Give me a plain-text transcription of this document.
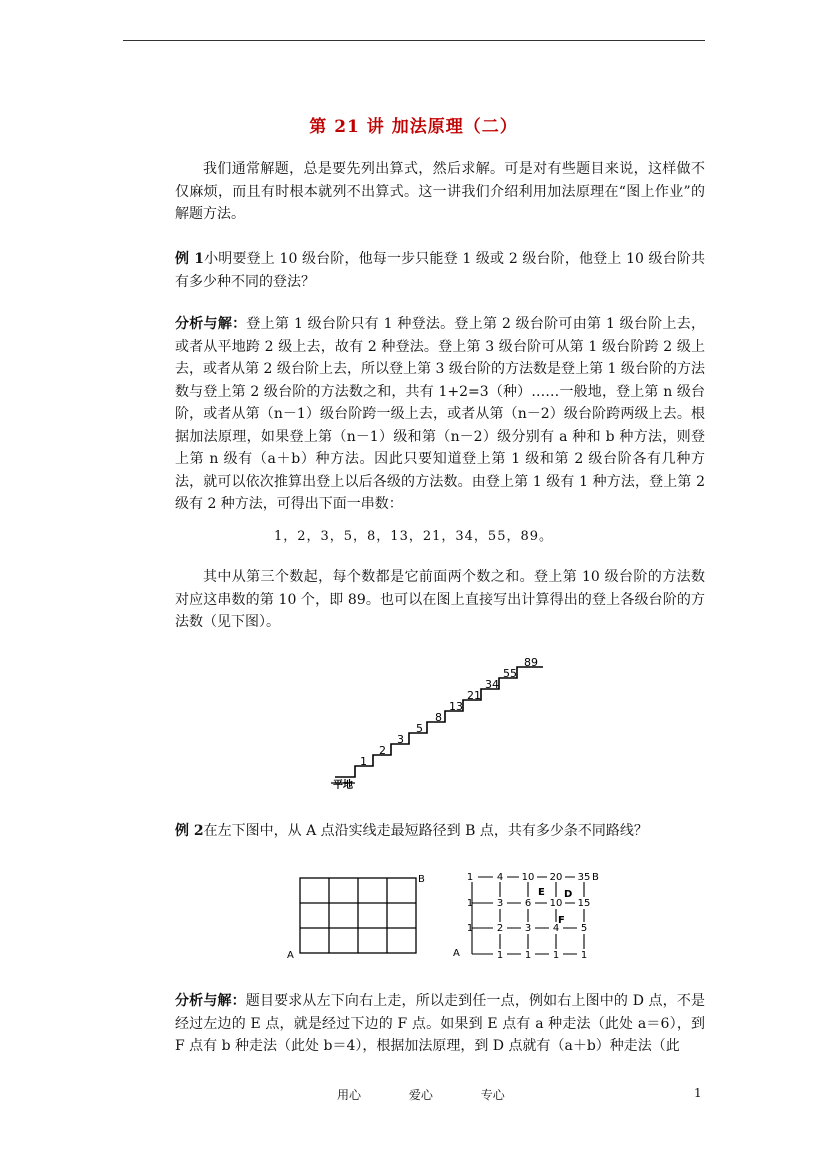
第 21 讲 加法原理（二）

我们通常解题，总是要先列出算式，然后求解。可是对有些题目来说，这样做不仅麻烦，而且有时根本就列不出算式。这一讲我们介绍利用加法原理在“图上作业”的解题方法。

例 1小明要登上 10 级台阶，他每一步只能登 1 级或 2 级台阶，他登上 10 级台阶共有多少种不同的登法？

分析与解：登上第 1 级台阶只有 1 种登法。登上第 2 级台阶可由第 1 级台阶上去，或者从平地跨 2 级上去，故有 2 种登法。登上第 3 级台阶可从第 1 级台阶跨 2 级上去，或者从第 2 级台阶上去，所以登上第 3 级台阶的方法数是登上第 1 级台阶的方法数与登上第 2 级台阶的方法数之和，共有 1+2=3（种）……一般地，登上第 n 级台阶，或者从第（n－1）级台阶跨一级上去，或者从第（n－2）级台阶跨两级上去。根据加法原理，如果登上第（n－1）级和第（n－2）级分别有 a 种和 b 种方法，则登上第 n 级有（a＋b）种方法。因此只要知道登上第 1 级和第 2 级台阶各有几种方法，就可以依次推算出登上以后各级的方法数。由登上第 1 级有 1 种方法，登上第 2 级有 2 种方法，可得出下面一串数：

1，2，3，5，8，13，21，34，55，89。

其中从第三个数起，每个数都是它前面两个数之和。登上第 10 级台阶的方法数对应这串数的第 10 个，即 89。也可以在图上直接写出计算得出的登上各级台阶的方法数（见下图）。

平地
1
2
3
5
8
13
21
34
55
89

例 2在左下图中，从 A 点沿实线走最短路径到 B 点，共有多少条不同路线？

A
B	1 4 10 20 35
3 6 10 15
1
2 3 4 5
1
1 1 1 1
E D
F
A
B

分析与解：题目要求从左下向右上走，所以走到任一点，例如右上图中的 D 点，不是经过左边的 E 点，就是经过下边的 F 点。如果到 E 点有 a 种走法（此处 a＝6），到 F 点有 b 种走法（此处 b＝4），根据加法原理，到 D 点就有（a＋b）种走法（此

用心	爱心	专心	1
